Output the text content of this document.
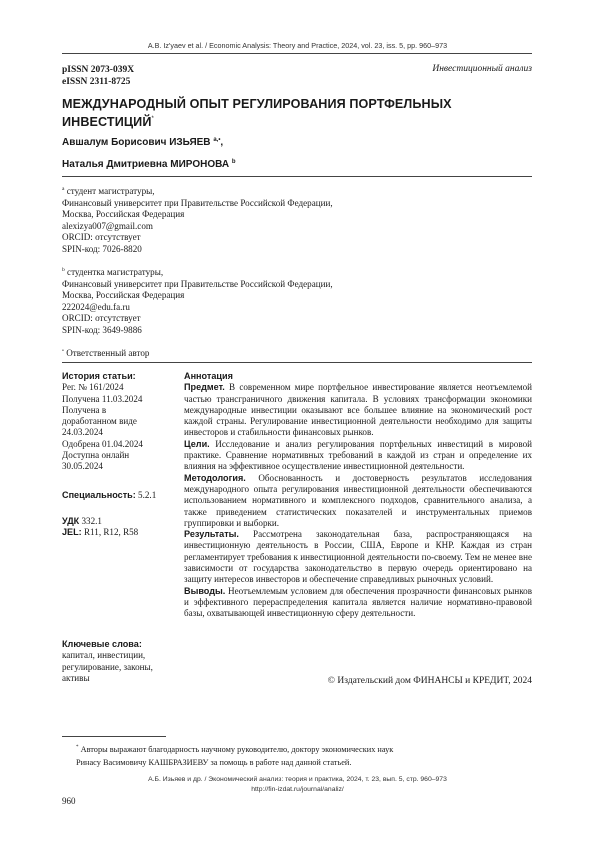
А.В. Iz'yaev et al. / Economic Analysis: Theory and Practice, 2024, vol. 23, iss. 5, pp. 960–973
pISSN 2073-039X
eISSN 2311-8725
Инвестиционный анализ
МЕЖДУНАРОДНЫЙ ОПЫТ РЕГУЛИРОВАНИЯ ПОРТФЕЛЬНЫХ
ИНВЕСТИЦИЙ*
Авшалум Борисович ИЗЬЯЕВ $^{a,•}$,
Наталья Дмитриевна МИРОНОВА $^b$
$^a$ студент магистратуры,
Финансовый университет при Правительстве Российской Федерации,
Москва, Российская Федерация
alexizya007@gmail.com
ORCID: отсутствует
SPIN-код: 7026-8820
$^b$ студентка магистратуры,
Финансовый университет при Правительстве Российской Федерации,
Москва, Российская Федерация
222024@edu.fa.ru
ORCID: отсутствует
SPIN-код: 3649-9886
• Ответственный автор
История статьи:
Рег. № 161/2024
Получена 11.03.2024
Получена в
доработанном виде
24.03.2024
Одобрена 01.04.2024
Доступна онлайн
30.05.2024
Специальность: 5.2.1
УДК 332.1
JEL: R11, R12, R58
Ключевые слова:
капитал, инвестиции,
регулирование, законы,
активы

Аннотация

Предмет. В современном мире портфельное инвестирование является неотъемлемой частью трансграничного движения капитала. В условиях трансформации экономики международные инвестиции оказывают все большее влияние на экономический рост каждой страны. Регулирование инвестиционной деятельности необходимо для защиты инвесторов и стабильности финансовых рынков.

Цели. Исследование и анализ регулирования портфельных инвестиций в мировой практике. Сравнение нормативных требований в каждой из стран и определение их влияния на эффективное осуществление инвестиционной деятельности.

Методология. Обоснованность и достоверность результатов исследования международного опыта регулирования инвестиционной деятельности обеспечиваются использованием нормативного и комплексного подходов, сравнительного анализа, а также приведением статистических показателей и инструментальных приемов группировки и выборки.

Результаты. Рассмотрена законодательная база, распространяющаяся на инвестиционную деятельность в России, США, Европе и КНР. Каждая из стран регламентирует требования к инвестиционной деятельности по-своему. Тем не менее вне зависимости от государства законодательство в первую очередь ориентировано на защиту интересов инвесторов и обеспечение справедливых рыночных условий.

Выводы. Неотъемлемым условием для обеспечения прозрачности финансовых рынков и эффективного перераспределения капитала является наличие нормативно-правовой базы, охватывающей инвестиционную сферу деятельности.

© Издательский дом ФИНАНСЫ и КРЕДИТ, 2024
* Авторы выражают благодарность научному руководителю, доктору экономических наук
Ринасу Васимовичу КАШБРАЗИЕВУ за помощь в работе над данной статьей.
А.Б. Изьяев и др. / Экономический анализ: теория и практика, 2024, т. 23, вып. 5, стр. 960–973
http://fin-izdat.ru/journal/analiz/
960
